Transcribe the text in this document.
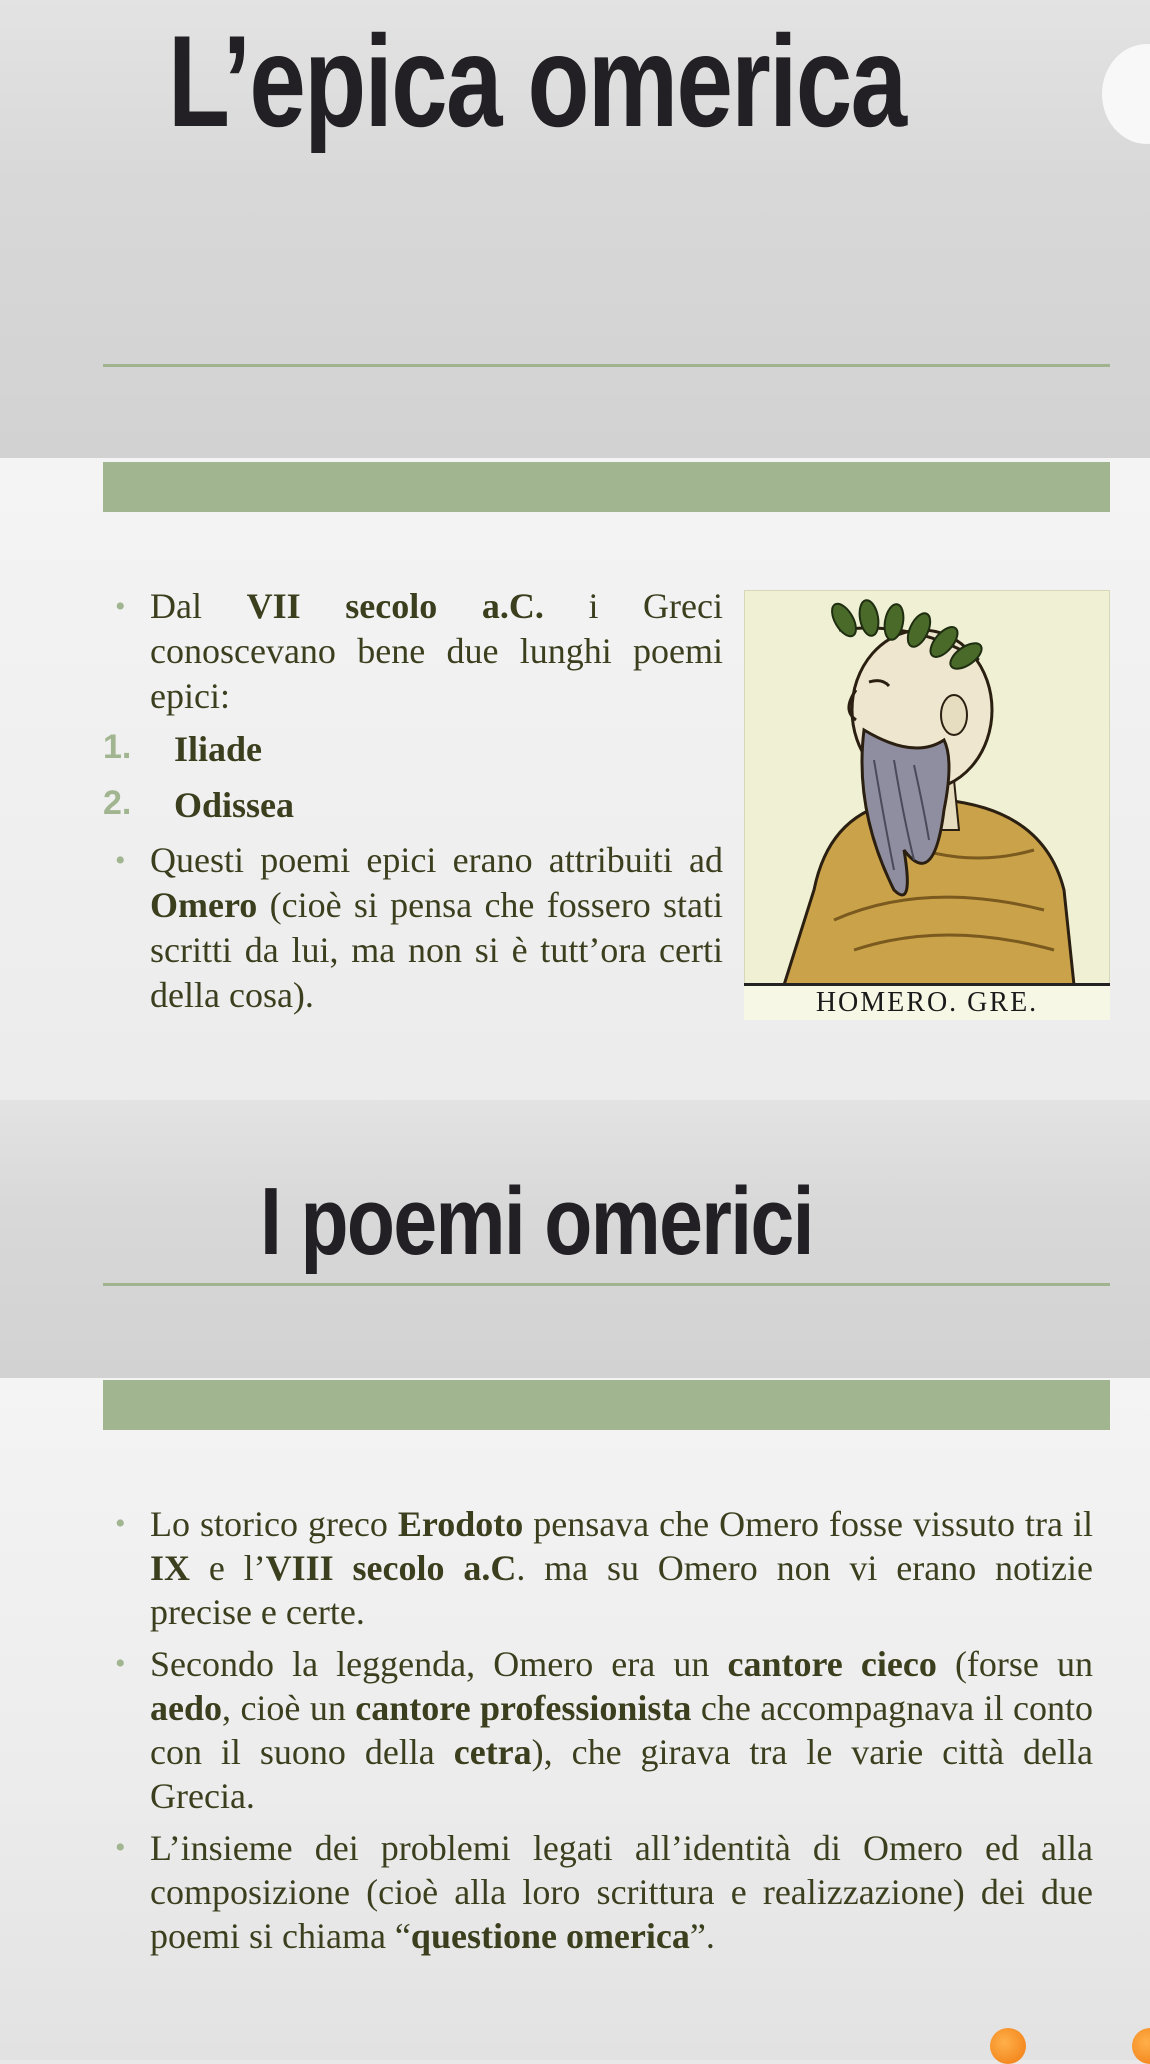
L’epica omerica
• Dal VII secolo a.C. i Greci conoscevano bene due lunghi poemi epici:
1. Iliade
2. Odissea
• Questi poemi epici erano attribuiti ad Omero (cioè si pensa che fossero stati scritti da lui, ma non si è tutt’ora certi della cosa).	HOMERO. GRE.
I poemi omerici
• Lo storico greco Erodoto pensava che Omero fosse vissuto tra il IX e l’VIII secolo a.C. ma su Omero non vi erano notizie precise e certe.
• Secondo la leggenda, Omero era un cantore cieco (forse un aedo, cioè un cantore professionista che accompagnava il conto con il suono della cetra), che girava tra le varie città della Grecia.
• L’insieme dei problemi legati all’identità di Omero ed alla composizione (cioè alla loro scrittura e realizzazione) dei due poemi si chiama “questione omerica”.
